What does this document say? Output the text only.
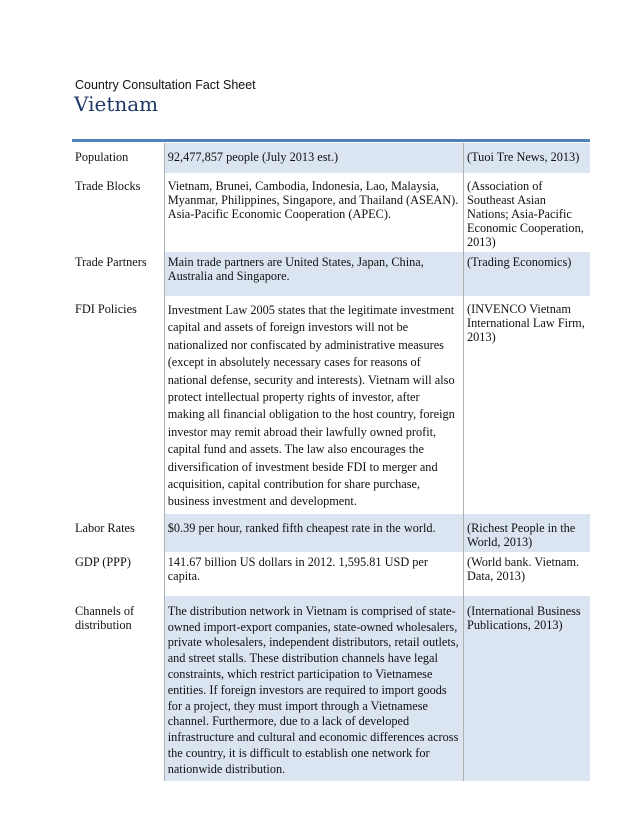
Country Consultation Fact Sheet
Vietnam
Population	92,477,857 people (July 2013 est.)	(Tuoi Tre News, 2013)
Trade Blocks	Vietnam, Brunei, Cambodia, Indonesia, Lao, Malaysia, Myanmar, Philippines, Singapore, and Thailand (ASEAN). Asia-Pacific Economic Cooperation (APEC).	(Association of Southeast Asian Nations; Asia-Pacific Economic Cooperation, 2013)
Trade Partners	Main trade partners are United States, Japan, China, Australia and Singapore.	(Trading Economics)
FDI Policies	Investment Law 2005 states that the legitimate investment capital and assets of foreign investors will not be nationalized nor confiscated by administrative measures (except in absolutely necessary cases for reasons of national defense, security and interests). Vietnam will also protect intellectual property rights of investor, after making all financial obligation to the host country, foreign investor may remit abroad their lawfully owned profit, capital fund and assets. The law also encourages the diversification of investment beside FDI to merger and acquisition, capital contribution for share purchase, business investment and development.	(INVENCO Vietnam International Law Firm, 2013)
Labor Rates	$0.39 per hour, ranked fifth cheapest rate in the world.	(Richest People in the World, 2013)
GDP (PPP)	141.67 billion US dollars in 2012. 1,595.81 USD per capita.	(World bank. Vietnam. Data, 2013)
Channels of distribution	The distribution network in Vietnam is comprised of state-owned import-export companies, state-owned wholesalers, private wholesalers, independent distributors, retail outlets, and street stalls. These distribution channels have legal constraints, which restrict participation to Vietnamese entities. If foreign investors are required to import goods for a project, they must import through a Vietnamese channel. Furthermore, due to a lack of developed infrastructure and cultural and economic differences across the country, it is difficult to establish one network for nationwide distribution.	(International Business Publications, 2013)
